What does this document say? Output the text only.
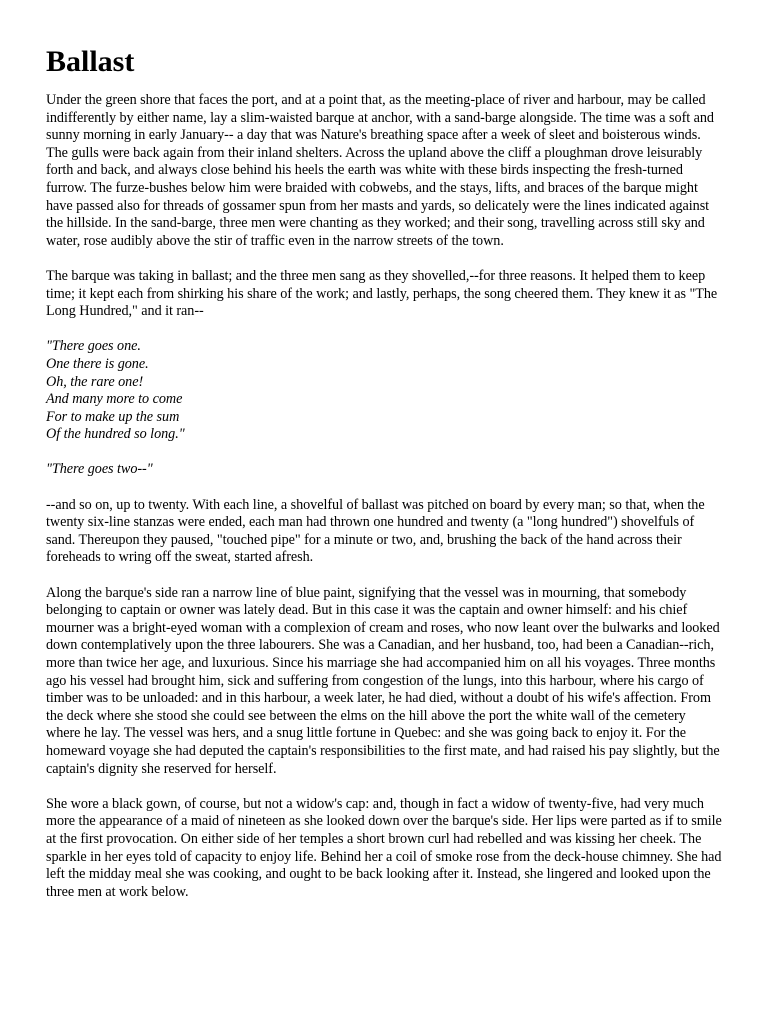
Ballast

Under the green shore that faces the port, and at a point that, as the meeting-place of river and harbour, may be called indifferently by either name, lay a slim-waisted barque at anchor, with a sand-barge alongside. The time was a soft and sunny morning in early January-- a day that was Nature's breathing space after a week of sleet and boisterous winds. The gulls were back again from their inland shelters. Across the upland above the cliff a ploughman drove leisurably forth and back, and always close behind his heels the earth was white with these birds inspecting the fresh-turned furrow. The furze-bushes below him were braided with cobwebs, and the stays, lifts, and braces of the barque might have passed also for threads of gossamer spun from her masts and yards, so delicately were the lines indicated against the hillside. In the sand-barge, three men were chanting as they worked; and their song, travelling across still sky and water, rose audibly above the stir of traffic even in the narrow streets of the town.

The barque was taking in ballast; and the three men sang as they shovelled,--for three reasons. It helped them to keep time; it kept each from shirking his share of the work; and lastly, perhaps, the song cheered them. They knew it as "The Long Hundred," and it ran--

"There goes one.
One there is gone.
Oh, the rare one!
And many more to come
For to make up the sum
Of the hundred so long."

"There goes two--"

--and so on, up to twenty. With each line, a shovelful of ballast was pitched on board by every man; so that, when the twenty six-line stanzas were ended, each man had thrown one hundred and twenty (a "long hundred") shovelfuls of sand. Thereupon they paused, "touched pipe" for a minute or two, and, brushing the back of the hand across their foreheads to wring off the sweat, started afresh.

Along the barque's side ran a narrow line of blue paint, signifying that the vessel was in mourning, that somebody belonging to captain or owner was lately dead. But in this case it was the captain and owner himself: and his chief mourner was a bright-eyed woman with a complexion of cream and roses, who now leant over the bulwarks and looked down contemplatively upon the three labourers. She was a Canadian, and her husband, too, had been a Canadian--rich, more than twice her age, and luxurious. Since his marriage she had accompanied him on all his voyages. Three months ago his vessel had brought him, sick and suffering from congestion of the lungs, into this harbour, where his cargo of timber was to be unloaded: and in this harbour, a week later, he had died, without a doubt of his wife's affection. From the deck where she stood she could see between the elms on the hill above the port the white wall of the cemetery where he lay. The vessel was hers, and a snug little fortune in Quebec: and she was going back to enjoy it. For the homeward voyage she had deputed the captain's responsibilities to the first mate, and had raised his pay slightly, but the captain's dignity she reserved for herself.

She wore a black gown, of course, but not a widow's cap: and, though in fact a widow of twenty-five, had very much more the appearance of a maid of nineteen as she looked down over the barque's side. Her lips were parted as if to smile at the first provocation. On either side of her temples a short brown curl had rebelled and was kissing her cheek. The sparkle in her eyes told of capacity to enjoy life. Behind her a coil of smoke rose from the deck-house chimney. She had left the midday meal she was cooking, and ought to be back looking after it. Instead, she lingered and looked upon the three men at work below.
